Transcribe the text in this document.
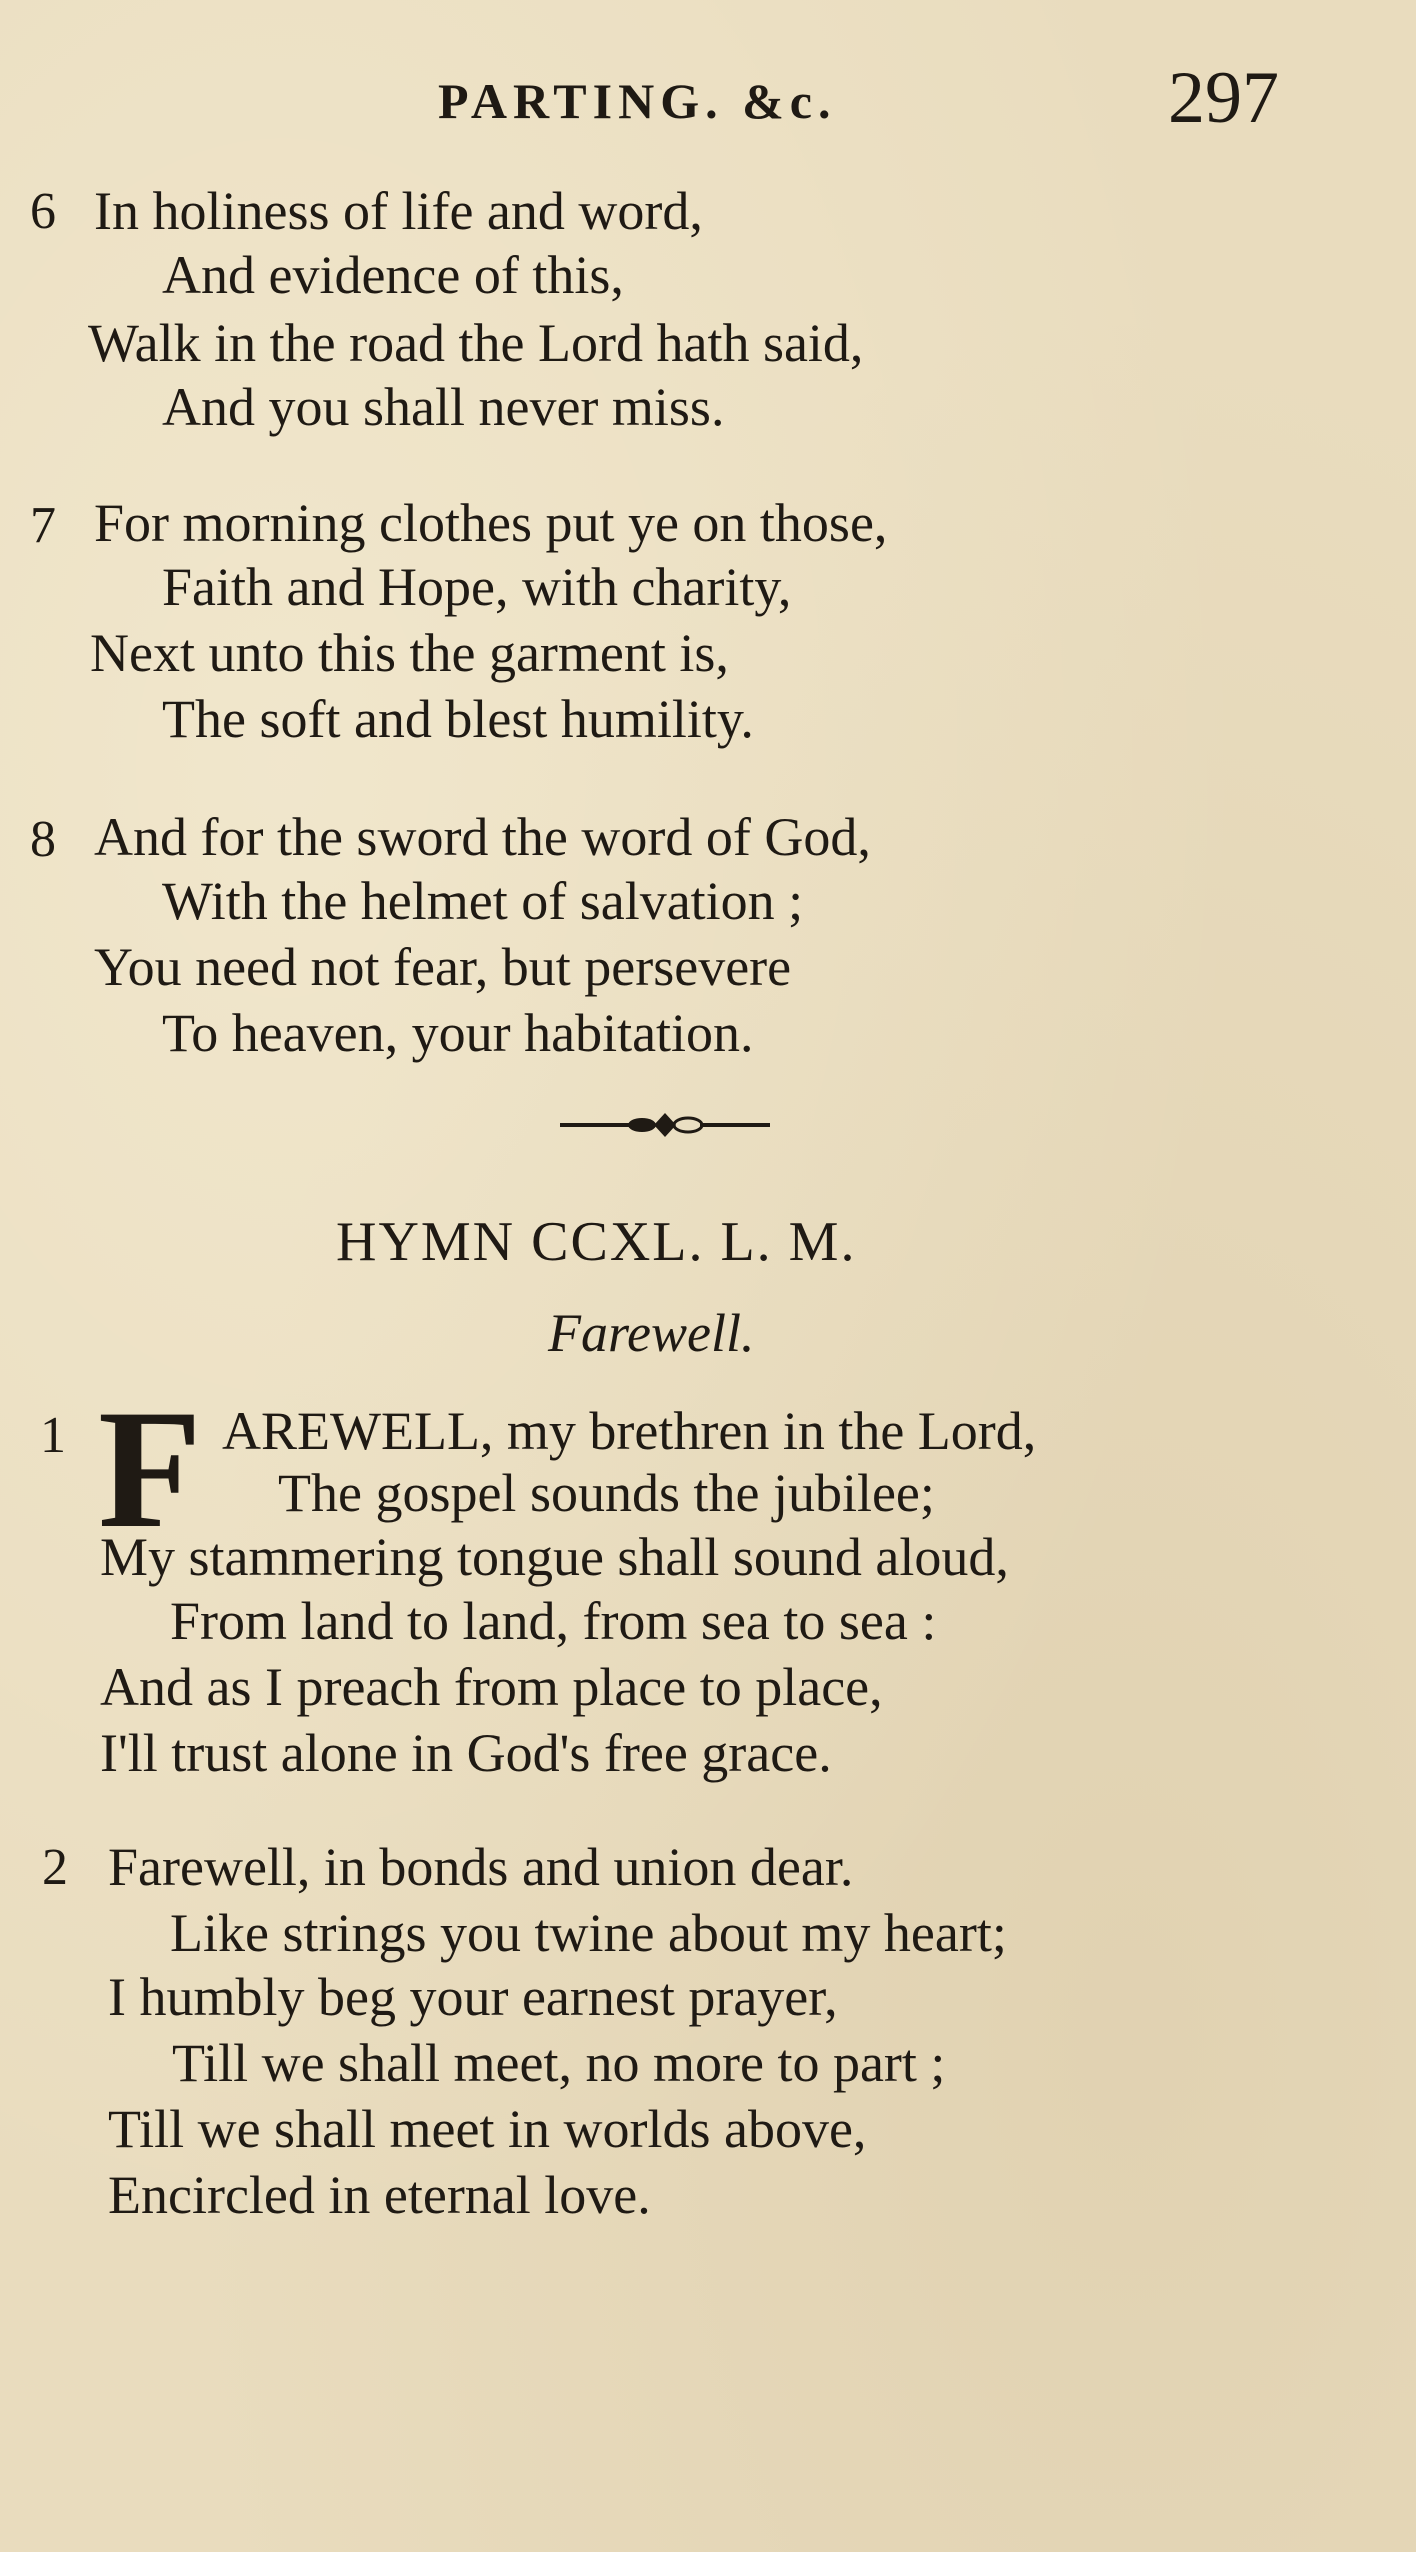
PARTING. &c.	297
6 In holiness of life and word,
And evidence of this,
Walk in the road the Lord hath said,
And you shall never miss.
7 For morning clothes put ye on those,
Faith and Hope, with charity,
Next unto this the garment is,
The soft and blest humility.
8 And for the sword the word of God,
With the helmet of salvation ;
You need not fear, but persevere
To heaven, your habitation.
HYMN CCXL. L. M.
Farewell.
1 F AREWELL, my brethren in the Lord,
The gospel sounds the jubilee;
My stammering tongue shall sound aloud,
From land to land, from sea to sea :
And as I preach from place to place,
I'll trust alone in God's free grace.
2 Farewell, in bonds and union dear.
Like strings you twine about my heart;
I humbly beg your earnest prayer,
Till we shall meet, no more to part ;
Till we shall meet in worlds above,
Encircled in eternal love.
